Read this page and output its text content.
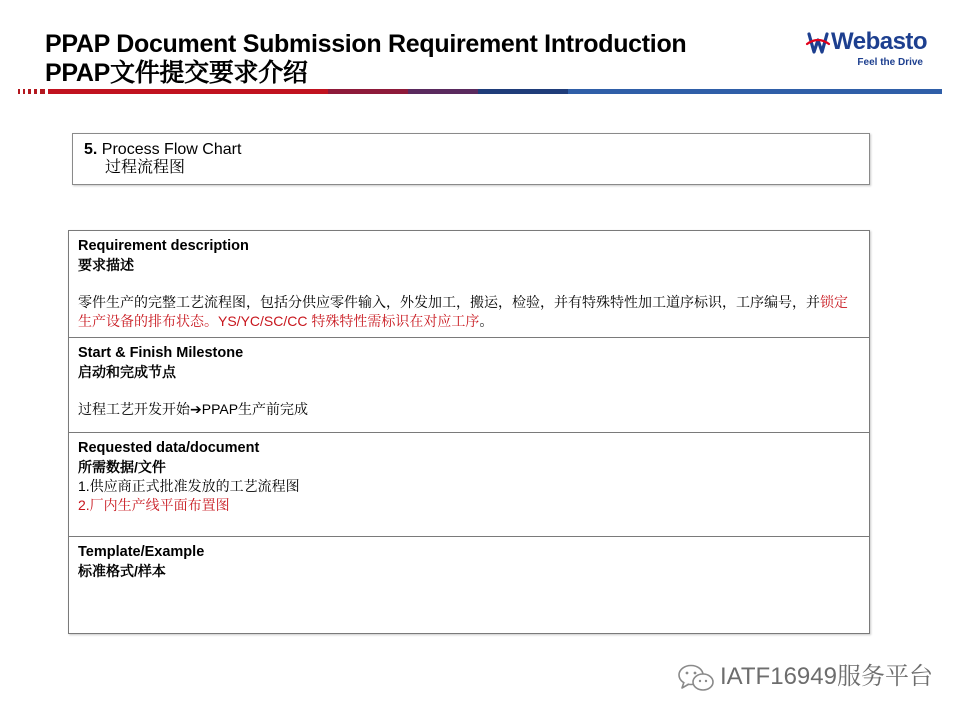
PPAP Document Submission Requirement Introduction
PPAP文件提交要求介绍
Webasto
Feel the Drive
5. Process Flow Chart
过程流程图
Requirement description
要求描述
零件生产的完整工艺流程图，包括分供应零件输入，外发加工，搬运，检验，并有特殊特性加工道序标识，工序编号，并锁定生产设备的排布状态。YS/YC/SC/CC 特殊特性需标识在对应工序。
Start & Finish Milestone
启动和完成节点
过程工艺开发开始➔PPAP生产前完成
Requested data/document
所需数据/文件
1.供应商正式批准发放的工艺流程图
2.厂内生产线平面布置图
Template/Example
标准格式/样本
IATF16949服务平台
